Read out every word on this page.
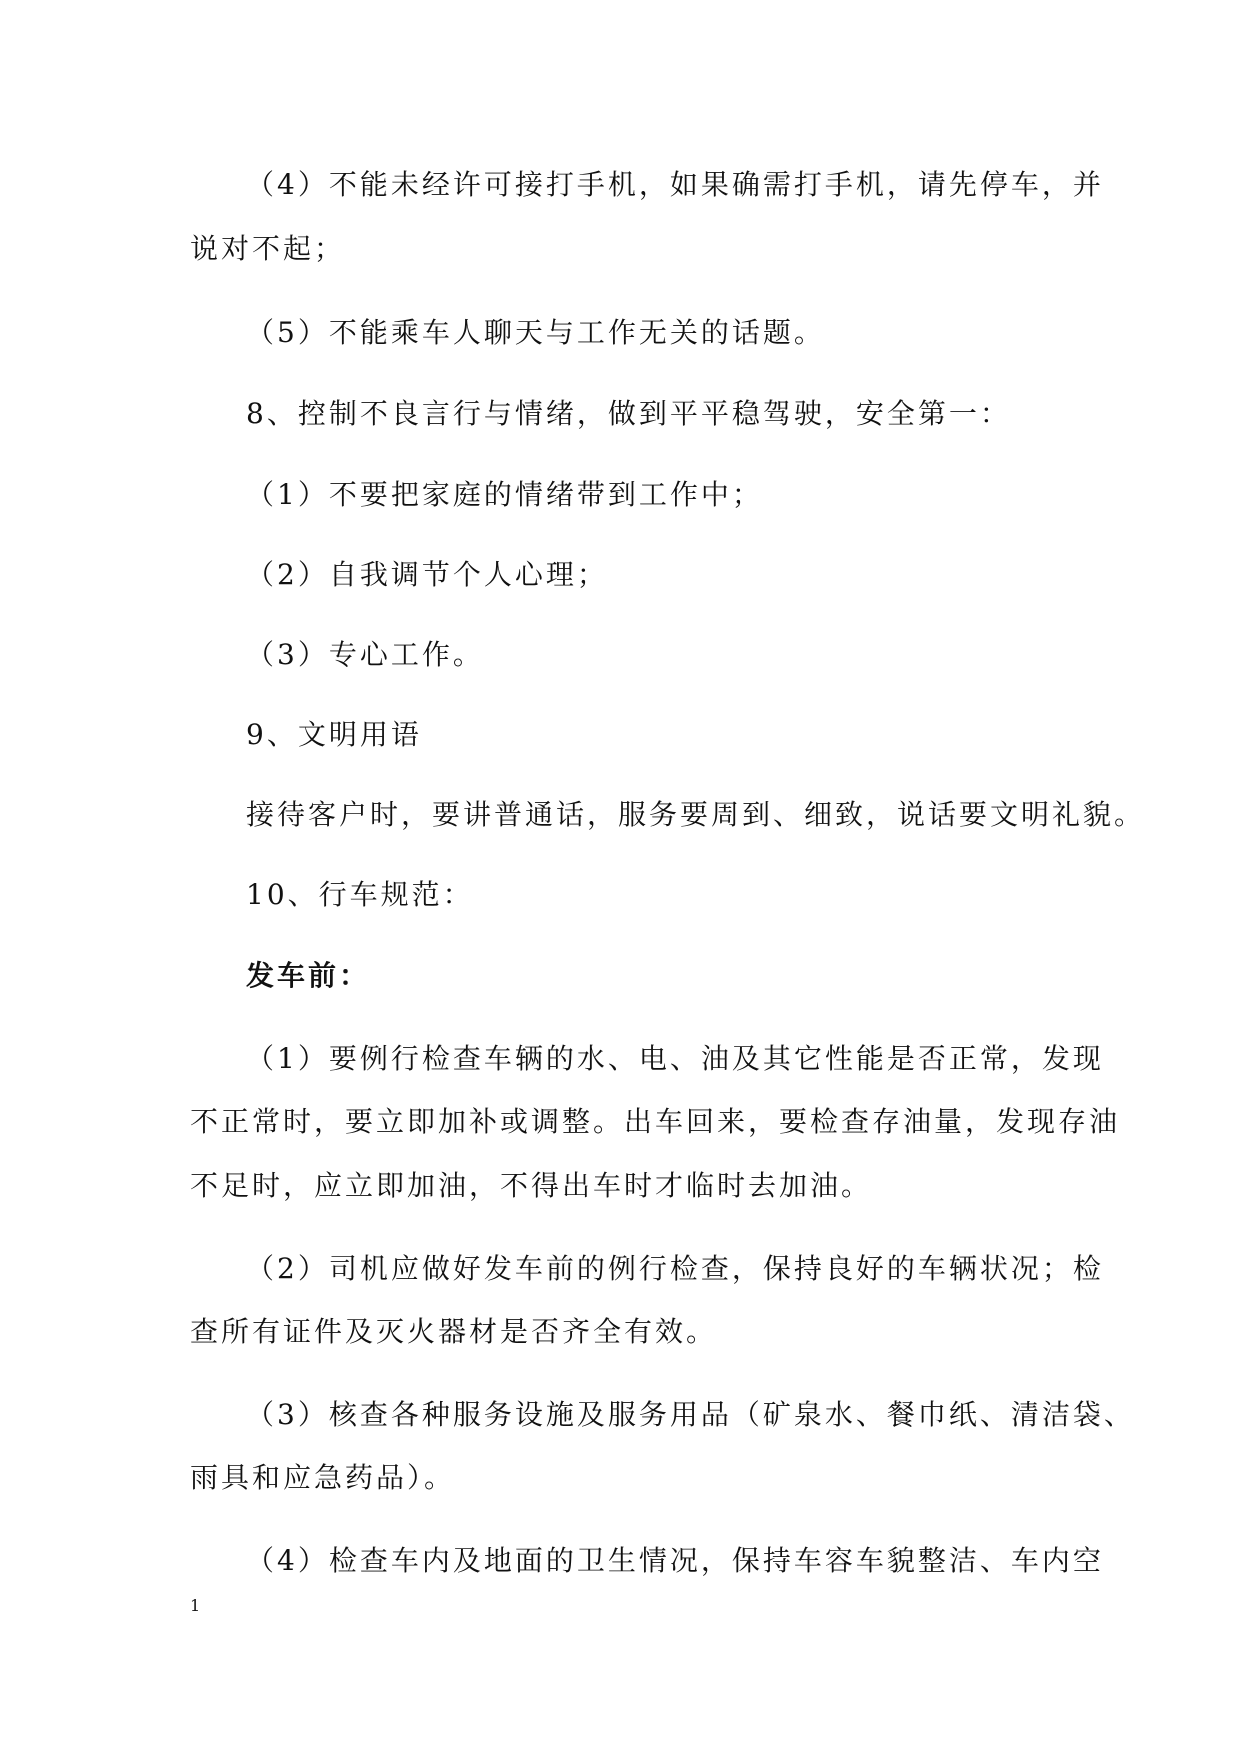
（4）不能未经许可接打手机，如果确需打手机，请先停车，并
说对不起；
（5）不能乘车人聊天与工作无关的话题。
8、控制不良言行与情绪，做到平平稳驾驶，安全第一：
（1）不要把家庭的情绪带到工作中；
（2）自我调节个人心理；
（3）专心工作。
9、文明用语
接待客户时，要讲普通话，服务要周到、细致，说话要文明礼貌。
10、行车规范：
发车前：
（1）要例行检查车辆的水、电、油及其它性能是否正常，发现
不正常时，要立即加补或调整。出车回来，要检查存油量，发现存油
不足时，应立即加油，不得出车时才临时去加油。
（2）司机应做好发车前的例行检查，保持良好的车辆状况；检
查所有证件及灭火器材是否齐全有效。
（3）核查各种服务设施及服务用品（矿泉水、餐巾纸、清洁袋、
雨具和应急药品）。
（4）检查车内及地面的卫生情况，保持车容车貌整洁、车内空
1
